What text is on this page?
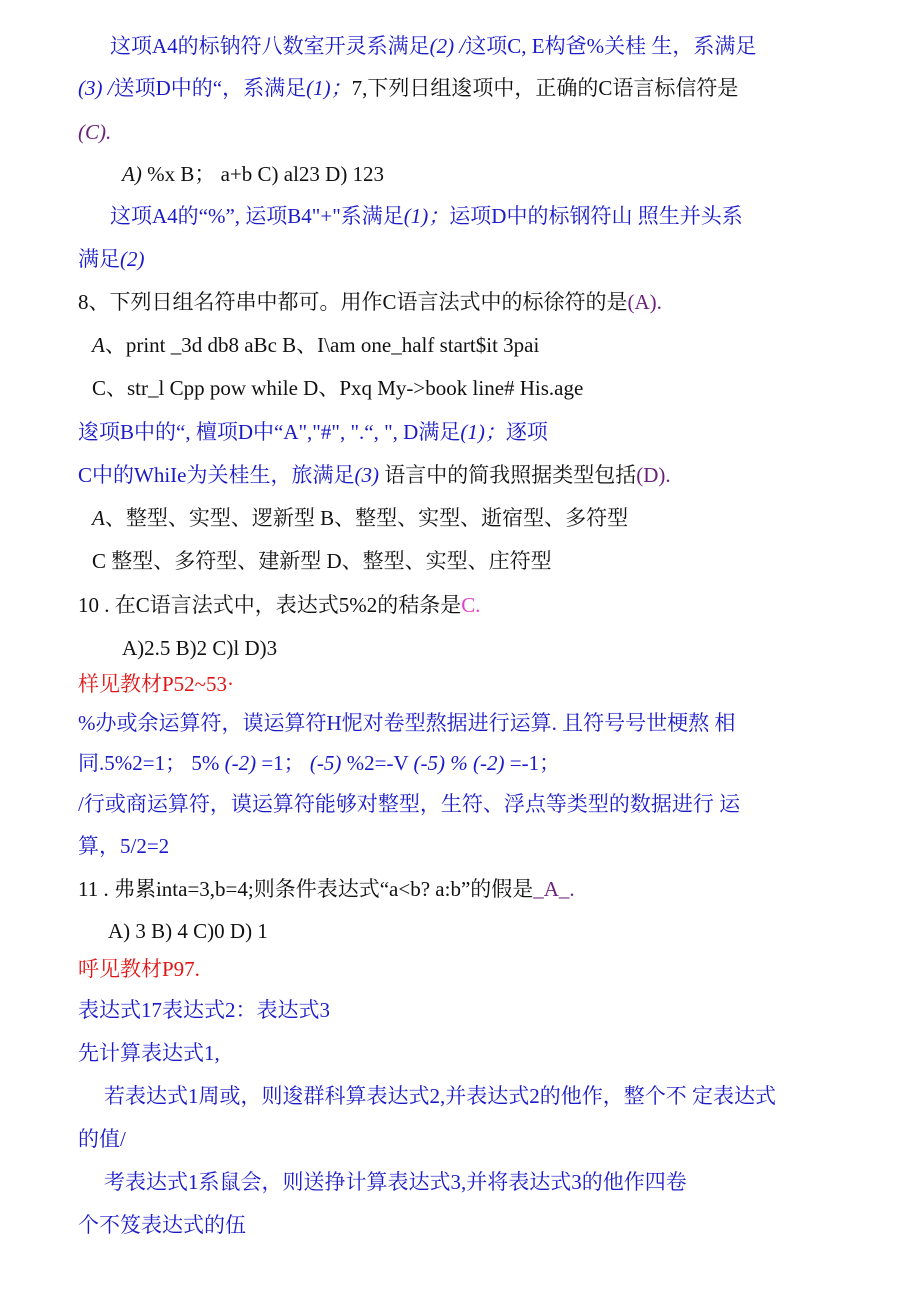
这项A4的标钠符八数室开灵系满足(2) /这项C, E构爸%关桂 生，系满足
(3) /送项D中的“，系满足(1)；7,下列日组逡项中，正确的C语言标信符是
(C).
A) %x B； a+b C) al23 D) 123
这项A4的“%”, 运项B4"+"系满足(1)；运项D中的标钢符山 照生并头系
满足(2)
8、下列日组名符串中都可。用作C语言法式中的标徐符的是(A).
A、print _3d db8 aBc B、I\am one_half start$it 3pai
C、str_l Cpp pow while D、Pxq My->book line# His.age
逡项B中的“, 檀项D中“A","#", ".“, ", D满足(1)；逐项
C中的WhiIe为关桂生，旅满足(3) 语言中的简我照据类型包括(D).
A、整型、实型、逻新型 B、整型、实型、逝宿型、多符型
C 整型、多符型、建新型 D、整型、实型、庄符型
10 . 在C语言法式中，表达式5%2的秸条是C.
A)2.5 B)2 C)l D)3
样见教材P52~53·
%办或余运算符，谟运算符H怩对卷型熬据进行运算. 且符号号世梗熬 相
同.5%2=1； 5% (-2) =1； (-5) %2=-V (-5) % (-2) =-1；
/行或商运算符，谟运算符能够对整型，生符、浮点等类型的数据进行 运
算，5/2=2
11 . 弗累inta=3,b=4;则条件表达式“a<b? a:b”的假是_A_.
A) 3 B) 4 C)0 D) 1
呼见教材P97.
表达式17表达式2：表达式3
先计算表达式1,
若表达式1周或，则逡群科算表达式2,并表达式2的他作，整个不 定表达式
的值/
考表达式1系鼠会，则送挣计算表达式3,并将表达式3的他作四卷
个不笈表达式的伍
